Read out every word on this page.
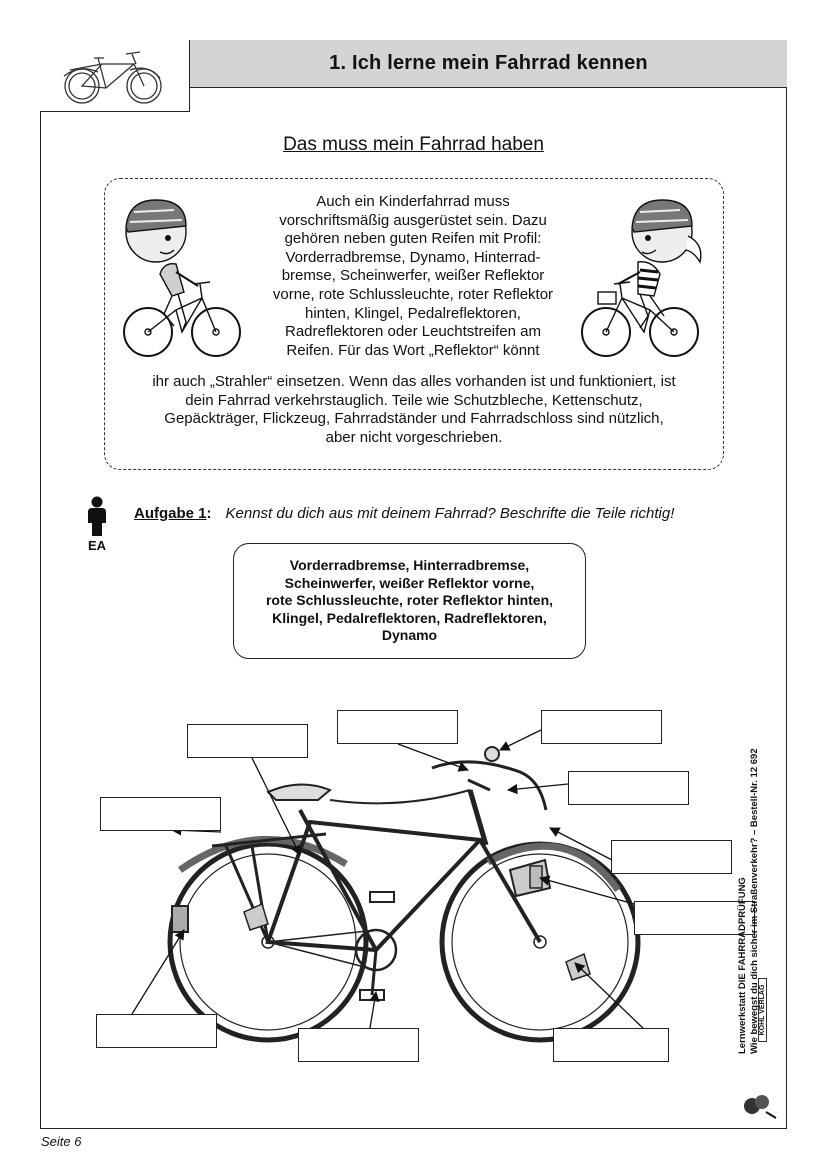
1. Ich lerne mein Fahrrad kennen
Das muss mein Fahrrad haben
Auch ein Kinderfahrrad muss
vorschriftsmäßig ausgerüstet sein. Dazu
gehören neben guten Reifen mit Profil:
Vorderradbremse, Dynamo, Hinterrad-
bremse, Scheinwerfer, weißer Reflektor
vorne, rote Schlussleuchte, roter Reflektor
hinten, Klingel, Pedalreflektoren,
Radreflektoren oder Leuchtstreifen am
Reifen. Für das Wort „Reflektor“ könnt
ihr auch „Strahler“ einsetzen. Wenn das alles vorhanden ist und funktioniert, ist
dein Fahrrad verkehrstauglich. Teile wie Schutzbleche, Kettenschutz,
Gepäckträger, Flickzeug, Fahrradständer und Fahrradschloss sind nützlich,
aber nicht vorgeschrieben.
EA
Aufgabe 1: Kennst du dich aus mit deinem Fahrrad? Beschrifte die Teile richtig!
Vorderradbremse, Hinterradbremse,
Scheinwerfer, weißer Reflektor vorne,
rote Schlussleuchte, roter Reflektor hinten,
Klingel, Pedalreflektoren, Radreflektoren,
Dynamo
Lernwerkstatt DIE FAHRRADPRÜFUNG Wie bewegst du dich sicher im Straßenverkehr? – Bestell-Nr. 12 692 KOHL VERLAG
Seite 6
